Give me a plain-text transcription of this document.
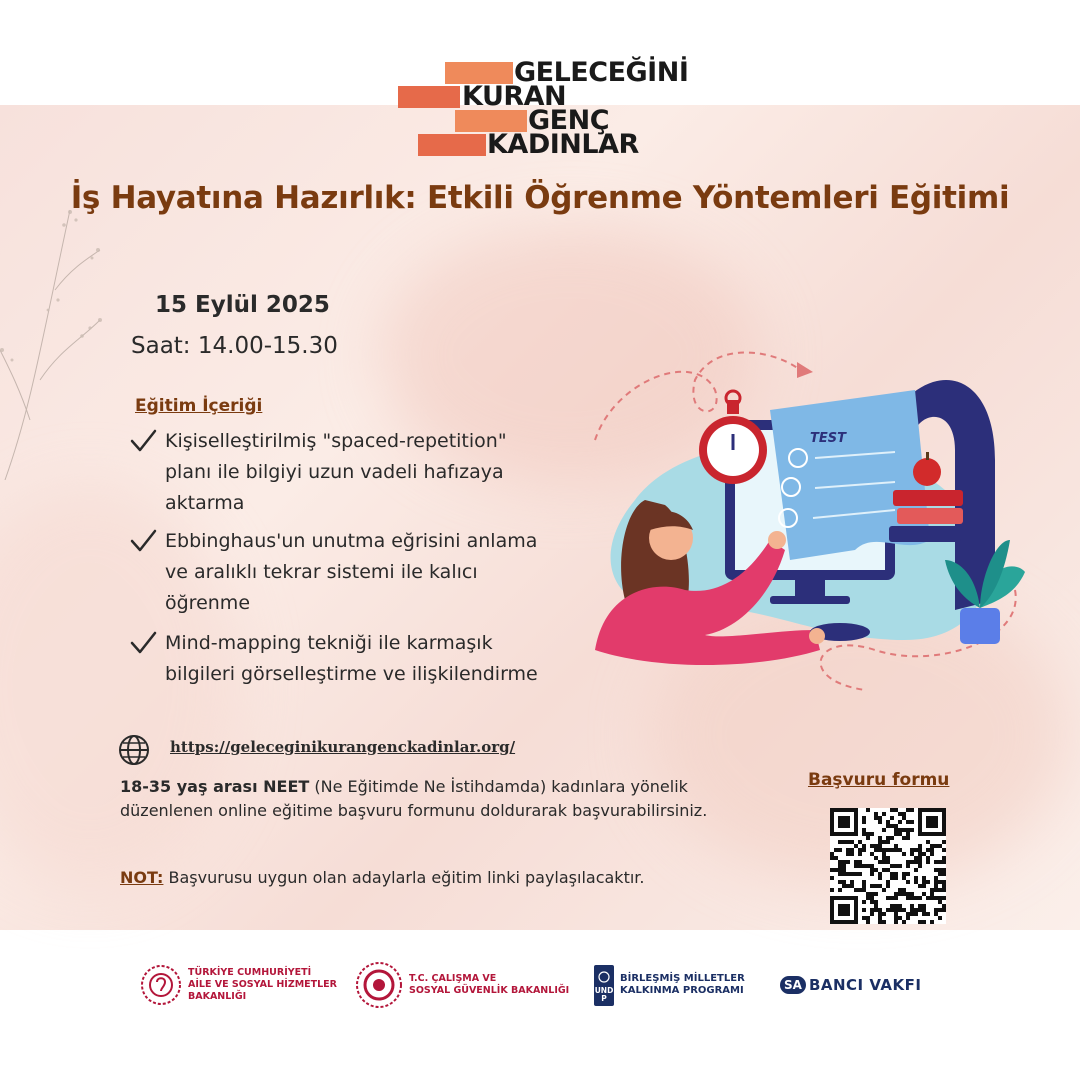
GELECEĞİNİ
KURAN
GENÇ
KADINLAR
İş Hayatına Hazırlık: Etkili Öğrenme Yöntemleri Eğitimi
15 Eylül 2025
Saat: 14.00-15.30
Eğitim İçeriği
Kişiselleştirilmiş "spaced-repetition" planı ile bilgiyi uzun vadeli hafızaya aktarma
Ebbinghaus'un unutma eğrisini anlama ve aralıklı tekrar sistemi ile kalıcı öğrenme
Mind-mapping tekniği ile karmaşık bilgileri görselleştirme ve ilişkilendirme
TEST
https://geleceginikurangenckadinlar.org/
18-35 yaş arası NEET (Ne Eğitimde Ne İstihdamda) kadınlara yönelik düzenlenen online eğitime başvuru formunu doldurarak başvurabilirsiniz.
NOT: Başvurusu uygun olan adaylarla eğitim linki paylaşılacaktır.
Başvuru formu
TÜRKİYE CUMHURİYETİ
AİLE VE SOSYAL HİZMETLER
BAKANLIĞI
T.C. ÇALIŞMA VE
SOSYAL GÜVENLİK BAKANLIĞI	UNDP
BİRLEŞMİŞ MİLLETLER
KALKINMA PROGRAMI	SA BANCI VAKFI
